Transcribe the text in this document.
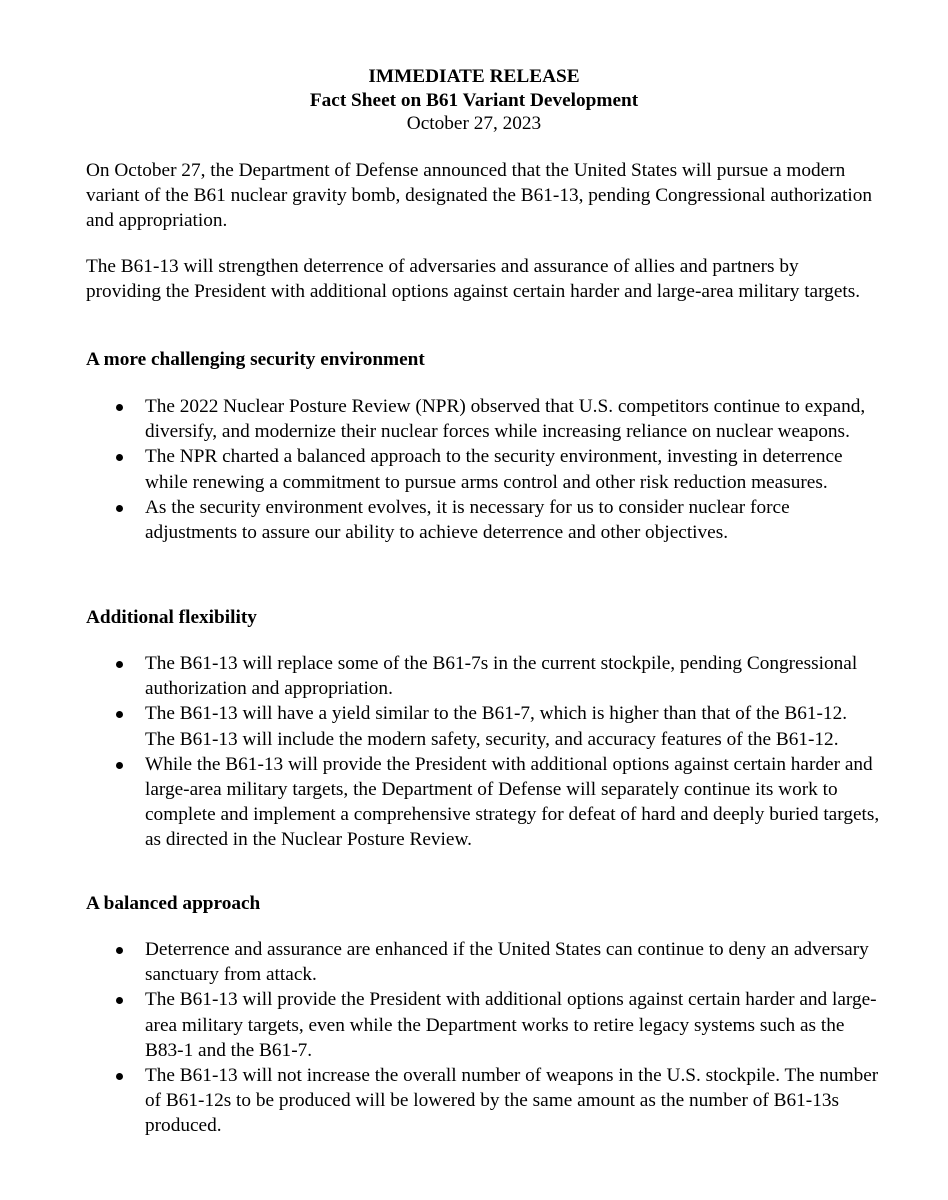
IMMEDIATE RELEASE
Fact Sheet on B61 Variant Development
October 27, 2023

On October 27, the Department of Defense announced that the United States will pursue a modern variant of the B61 nuclear gravity bomb, designated the B61-13, pending Congressional authorization and appropriation.

The B61-13 will strengthen deterrence of adversaries and assurance of allies and partners by providing the President with additional options against certain harder and large-area military targets.

A more challenging security environment
The 2022 Nuclear Posture Review (NPR) observed that U.S. competitors continue to expand, diversify, and modernize their nuclear forces while increasing reliance on nuclear weapons.
The NPR charted a balanced approach to the security environment, investing in deterrence while renewing a commitment to pursue arms control and other risk reduction measures.
As the security environment evolves, it is necessary for us to consider nuclear force adjustments to assure our ability to achieve deterrence and other objectives.
Additional flexibility
The B61-13 will replace some of the B61-7s in the current stockpile, pending Congressional authorization and appropriation.
The B61-13 will have a yield similar to the B61-7, which is higher than that of the B61-12. The B61-13 will include the modern safety, security, and accuracy features of the B61-12.
While the B61-13 will provide the President with additional options against certain harder and large-area military targets, the Department of Defense will separately continue its work to complete and implement a comprehensive strategy for defeat of hard and deeply buried targets, as directed in the Nuclear Posture Review.
A balanced approach
Deterrence and assurance are enhanced if the United States can continue to deny an adversary sanctuary from attack.
The B61-13 will provide the President with additional options against certain harder and large-area military targets, even while the Department works to retire legacy systems such as the B83-1 and the B61-7.
The B61-13 will not increase the overall number of weapons in the U.S. stockpile. The number of B61-12s to be produced will be lowered by the same amount as the number of B61-13s produced.
